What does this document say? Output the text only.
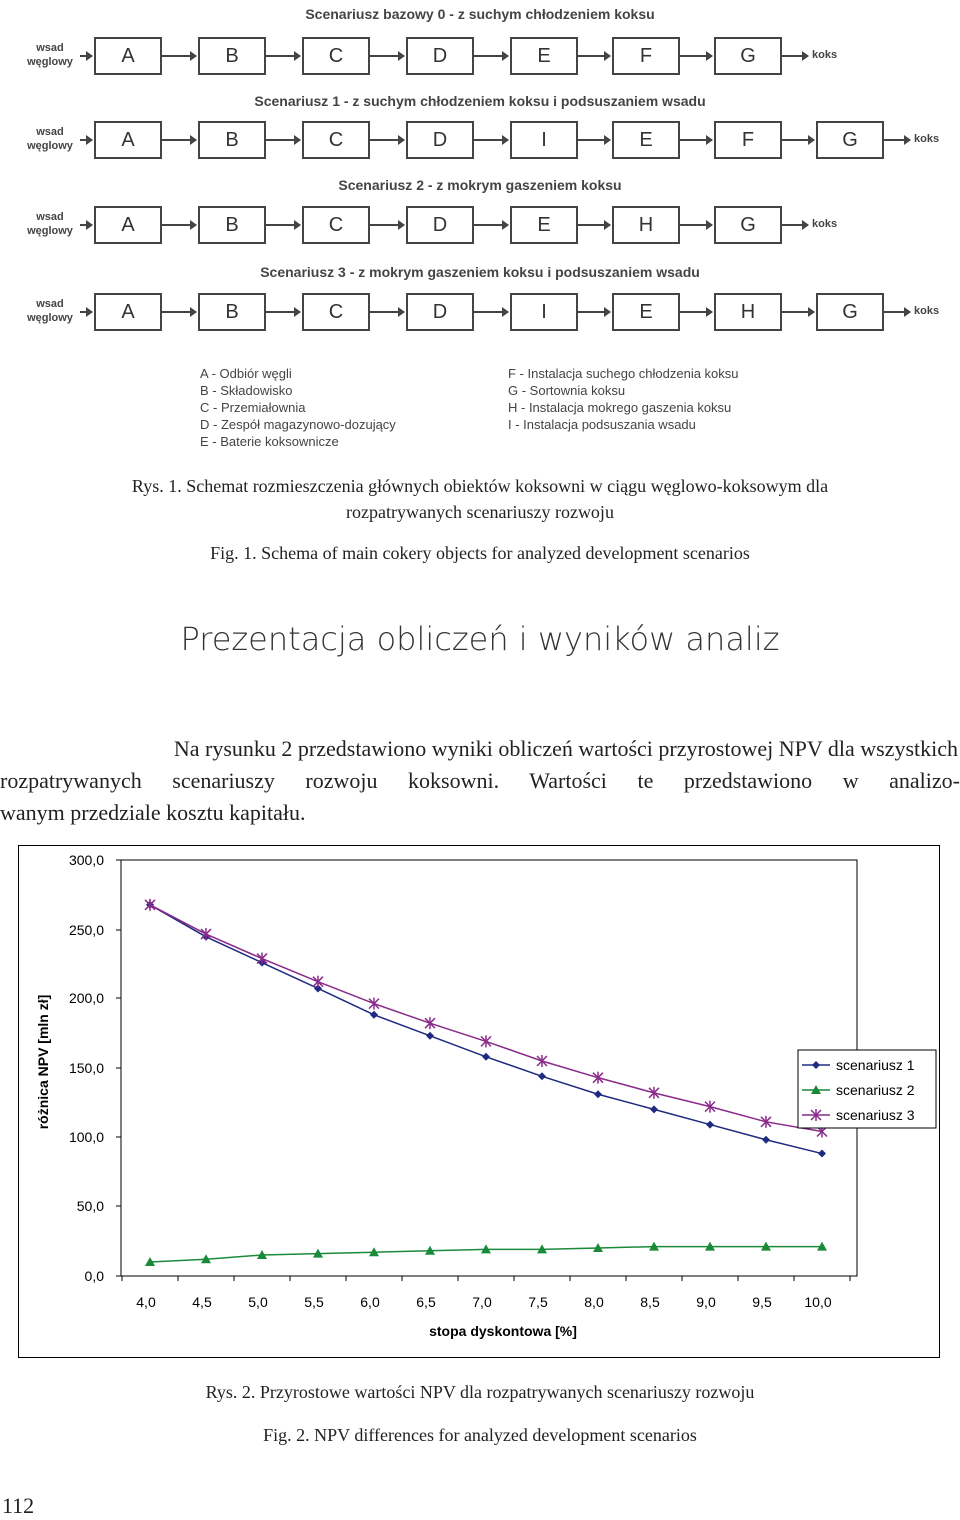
Scenariusz bazowy 0 - z suchym chłodzeniem koksu
wsad
węglowy	A	B	C	D	E	F	G	koks
Scenariusz 1 - z suchym chłodzeniem koksu i podsuszaniem wsadu
wsad
węglowy	A	B	C	D	I	E	F	G	koks
Scenariusz 2 - z mokrym gaszeniem koksu
wsad
węglowy	A	B	C	D	E	H	G	koks
Scenariusz 3 - z mokrym gaszeniem koksu i podsuszaniem wsadu
wsad
węglowy	A	B	C	D	I	E	H	G	koks
A - Odbiór węgli
B - Składowisko
C - Przemiałownia
D - Zespół magazynowo-dozujący
E - Baterie koksownicze
F - Instalacja suchego chłodzenia koksu
G - Sortownia koksu
H - Instalacja mokrego gaszenia koksu
I - Instalacja podsuszania wsadu
Rys. 1. Schemat rozmieszczenia głównych obiektów koksowni w ciągu węglowo-koksowym dla
rozpatrywanych scenariuszy rozwoju
Fig. 1. Schema of main cokery objects for analyzed development scenarios
Prezentacja obliczeń i wyników analiz
Na rysunku 2 przedstawiono wyniki obliczeń wartości przyrostowej NPV dla wszystkich
rozpatrywanych scenariuszy rozwoju koksowni. Wartości te przedstawiono w analizo-
wanym przedziale kosztu kapitału.
0,0
50,0
100,0
150,0
200,0
250,0
300,0
4,0	4,5	5,0	5,5	6,0	6,5	7,0	7,5	8,0	8,5	9,0	9,5 10,0
stopa dyskontowa [%]
różnica NPV [mln zł]	scenariusz 1
scenariusz 2
scenariusz 3
Rys. 2. Przyrostowe wartości NPV dla rozpatrywanych scenariuszy rozwoju
Fig. 2. NPV differences for analyzed development scenarios
112
